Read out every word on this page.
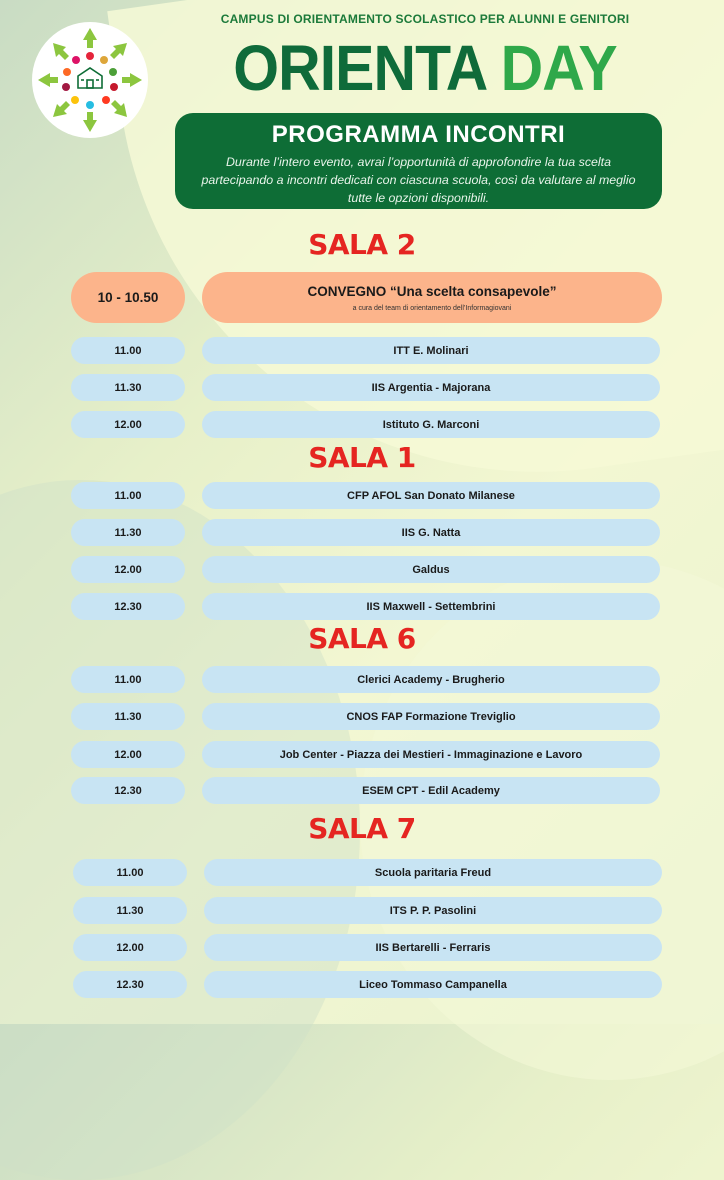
CAMPUS DI ORIENTAMENTO SCOLASTICO PER ALUNNI E GENITORI
ORIENTA DAY
PROGRAMMA INCONTRI
Durante l’intero evento, avrai l’opportunità di approfondire la tua scelta partecipando a incontri dedicati con ciascuna scuola, così da valutare al meglio tutte le opzioni disponibili.
SALA 2
10 - 10.50	CONVEGNO “Una scelta consapevole”
a cura del team di orientamento dell’Informagiovani
11.00	ITT E. Molinari
11.30	IIS Argentia - Majorana
12.00	Istituto G. Marconi
SALA 1
11.00	CFP AFOL San Donato Milanese
11.30	IIS G. Natta
12.00	Galdus
12.30	IIS Maxwell - Settembrini
SALA 6
11.00	Clerici Academy - Brugherio
11.30	CNOS FAP Formazione Treviglio
12.00	Job Center - Piazza dei Mestieri - Immaginazione e Lavoro
12.30	ESEM CPT - Edil Academy
SALA 7
11.00	Scuola paritaria Freud
11.30	ITS P. P. Pasolini
12.00	IIS Bertarelli - Ferraris
12.30	Liceo Tommaso Campanella
